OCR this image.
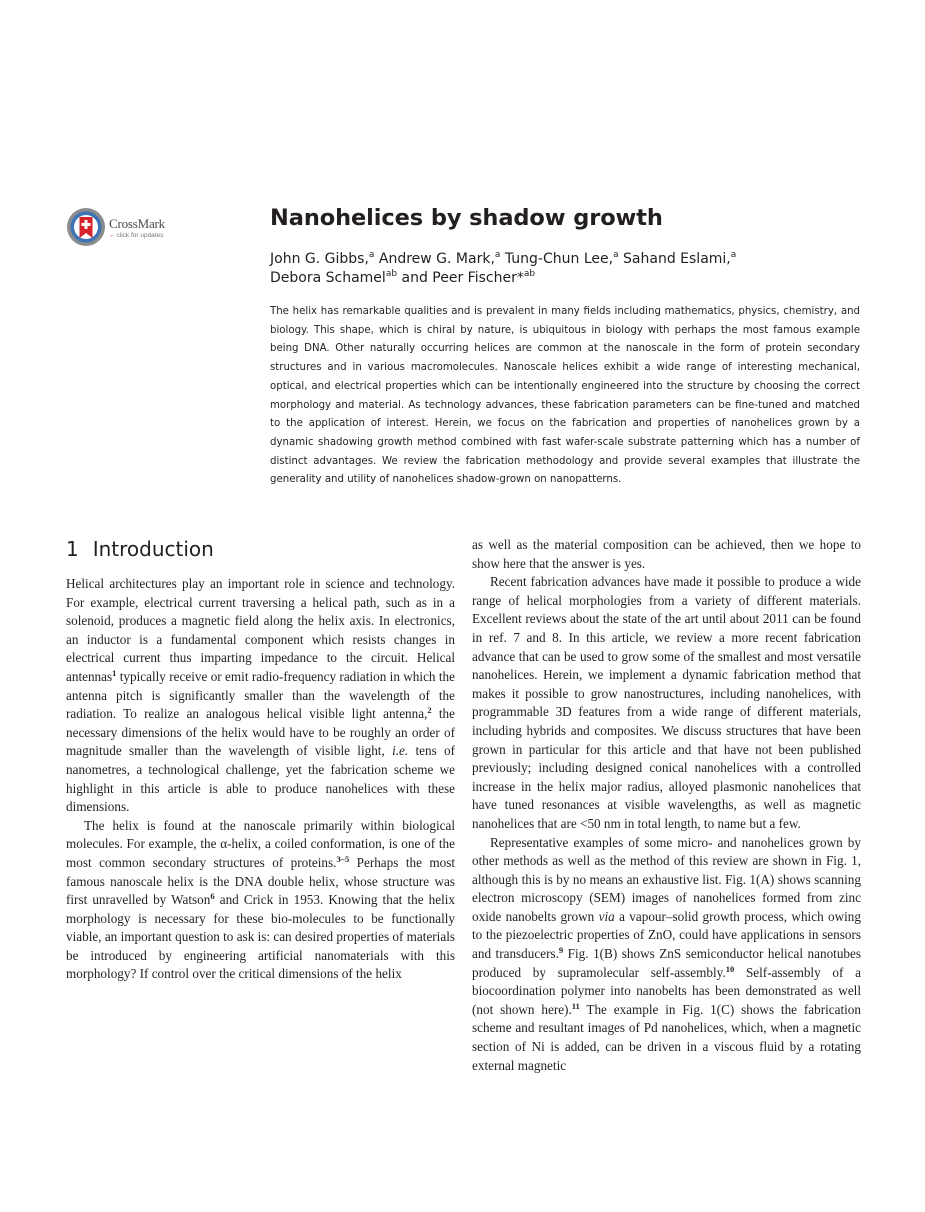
CrossMark
←click for updates
Nanohelices by shadow growth
John G. Gibbs,$^a$ Andrew G. Mark,$^a$ Tung-Chun Lee,$^a$ Sahand Eslami,$^a$
Debora Schamel$^{ab}$ and Peer Fischer*$^{ab}$
The helix has remarkable qualities and is prevalent in many fields including mathematics, physics, chemistry, and biology. This shape, which is chiral by nature, is ubiquitous in biology with perhaps the most famous example being DNA. Other naturally occurring helices are common at the nanoscale in the form of protein secondary structures and in various macromolecules. Nanoscale helices exhibit a wide range of interesting mechanical, optical, and electrical properties which can be intentionally engineered into the structure by choosing the correct morphology and material. As technology advances, these fabrication parameters can be fine-tuned and matched to the application of interest. Herein, we focus on the fabrication and properties of nanohelices grown by a dynamic shadowing growth method combined with fast wafer-scale substrate patterning which has a number of distinct advantages. We review the fabrication methodology and provide several examples that illustrate the generality and utility of nanohelices shadow-grown on nanopatterns.
1 Introduction

Helical architectures play an important role in science and technology. For example, electrical current traversing a helical path, such as in a solenoid, produces a magnetic field along the helix axis. In electronics, an inductor is a fundamental component which resists changes in electrical current thus imparting impedance to the circuit. Helical antennas$^1$ typically receive or emit radio-frequency radiation in which the antenna pitch is significantly smaller than the wavelength of the radiation. To realize an analogous helical visible light antenna,$^2$ the necessary dimensions of the helix would have to be roughly an order of magnitude smaller than the wavelength of visible light, i.e. tens of nanometres, a technological challenge, yet the fabrication scheme we highlight in this article is able to produce nanohelices with these dimensions.

The helix is found at the nanoscale primarily within biological molecules. For example, the α-helix, a coiled conformation, is one of the most common secondary structures of proteins.$^{3-5}$ Perhaps the most famous nanoscale helix is the DNA double helix, whose structure was first unravelled by Watson$^6$ and Crick in 1953. Knowing that the helix morphology is necessary for these bio-molecules to be functionally viable, an important question to ask is: can desired properties of materials be introduced by engineering artificial nanomaterials with this morphology? If control over the critical dimensions of the helix

as well as the material composition can be achieved, then we hope to show here that the answer is yes.

Recent fabrication advances have made it possible to produce a wide range of helical morphologies from a variety of different materials. Excellent reviews about the state of the art until about 2011 can be found in ref. 7 and 8. In this article, we review a more recent fabrication advance that can be used to grow some of the smallest and most versatile nanohelices. Herein, we implement a dynamic fabrication method that makes it possible to grow nanostructures, including nanohelices, with programmable 3D features from a wide range of different materials, including hybrids and composites. We discuss structures that have been grown in particular for this article and that have not been published previously; including designed conical nanohelices with a controlled increase in the helix major radius, alloyed plasmonic nanohelices that have tuned resonances at visible wavelengths, as well as magnetic nanohelices that are <50 nm in total length, to name but a few.

Representative examples of some micro- and nanohelices grown by other methods as well as the method of this review are shown in Fig. 1, although this is by no means an exhaustive list. Fig. 1(A) shows scanning electron microscopy (SEM) images of nanohelices formed from zinc oxide nanobelts grown via a vapour–solid growth process, which owing to the piezoelectric properties of ZnO, could have applications in sensors and transducers.$^9$ Fig. 1(B) shows ZnS semiconductor helical nanotubes produced by supramolecular self-assembly.$^{10}$ Self-assembly of a biocoordination polymer into nanobelts has been demonstrated as well (not shown here).$^{11}$ The example in Fig. 1(C) shows the fabrication scheme and resultant images of Pd nanohelices, which, when a magnetic section of Ni is added, can be driven in a viscous fluid by a rotating external magnetic
